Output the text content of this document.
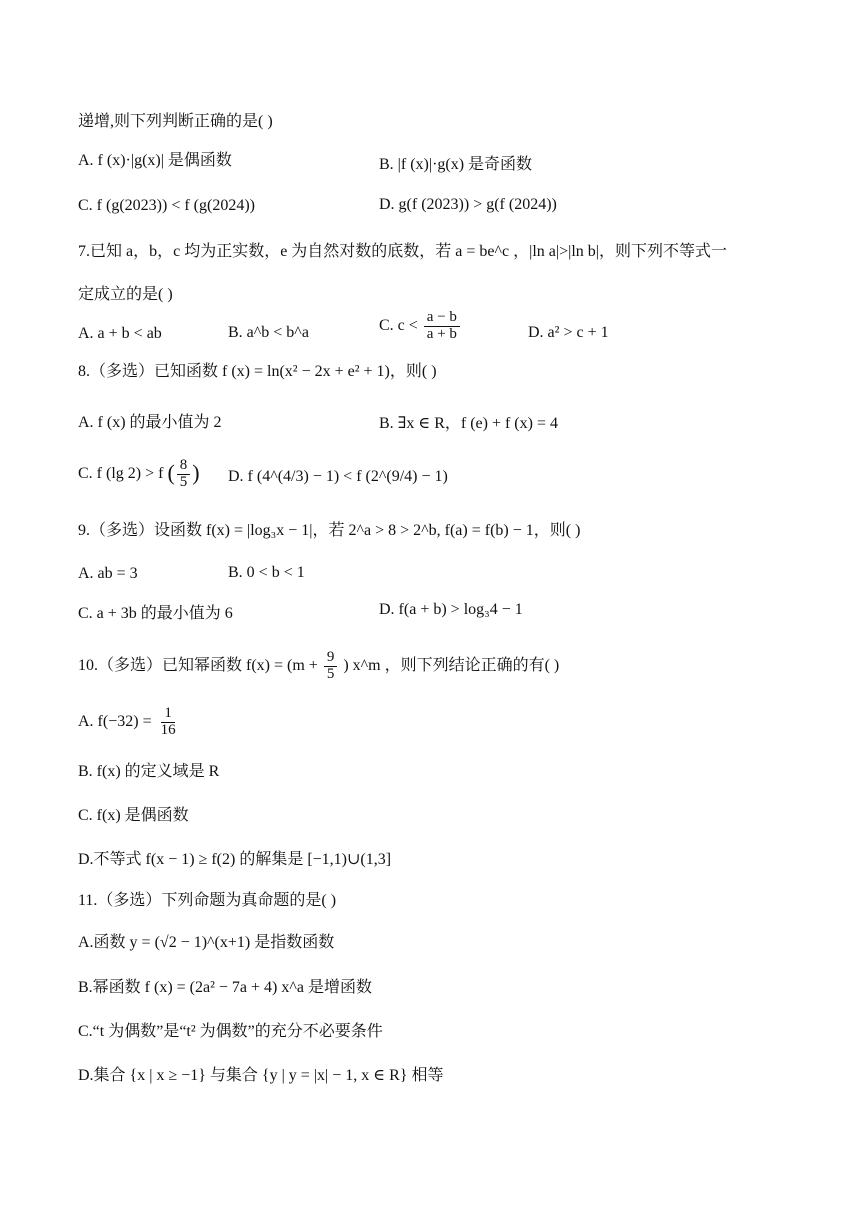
递增,则下列判断正确的是( )
A. f (x)·|g(x)| 是偶函数	B. |f (x)|·g(x) 是奇函数
C. f (g(2023)) < f (g(2024))	D. g(f (2023)) > g(f (2024))
7.已知 a，b，c 均为正实数，e 为自然对数的底数，若 a = be^c ，|ln a|>|ln b|，则下列不等式一
定成立的是( )
A. a + b < ab	B. a^b < b^a	C. $c < \frac{a - b}{a + b}$	D. a² > c + 1
8.（多选）已知函数 f (x) = ln(x² − 2x + e² + 1)，则( )
A. f (x) 的最小值为 2	B. ∃x ∈ R，f (e) + f (x) = 4
C. f (lg 2) > f ( $\frac{8}{5}$ ) D. f (4^(4/3) − 1) < f (2^(9/4) − 1)
9.（多选）设函数 f(x) = |log₃x − 1|，若 2^a > 8 > 2^b, f(a) = f(b) − 1，则( )
A. ab = 3	B. 0 < b < 1
C. a + 3b 的最小值为 6	D. f(a + b) > log₃4 − 1
10.（多选）已知幂函数 $f(x) = (m + \frac{9}{5}$ ) x^m ，则下列结论正确的有( )
A. $f(-32) = \frac{1}{16}$
B. f(x) 的定义域是 R
C. f(x) 是偶函数
D.不等式 f(x − 1) ≥ f(2) 的解集是 [−1,1)∪(1,3]
11.（多选）下列命题为真命题的是( )
A.函数 y = (√2 − 1)^(x+1) 是指数函数
B.幂函数 f (x) = (2a² − 7a + 4) x^a 是增函数
C.“t 为偶数”是“t² 为偶数”的充分不必要条件
D.集合 {x | x ≥ −1} 与集合 {y | y = |x| − 1, x ∈ R} 相等
